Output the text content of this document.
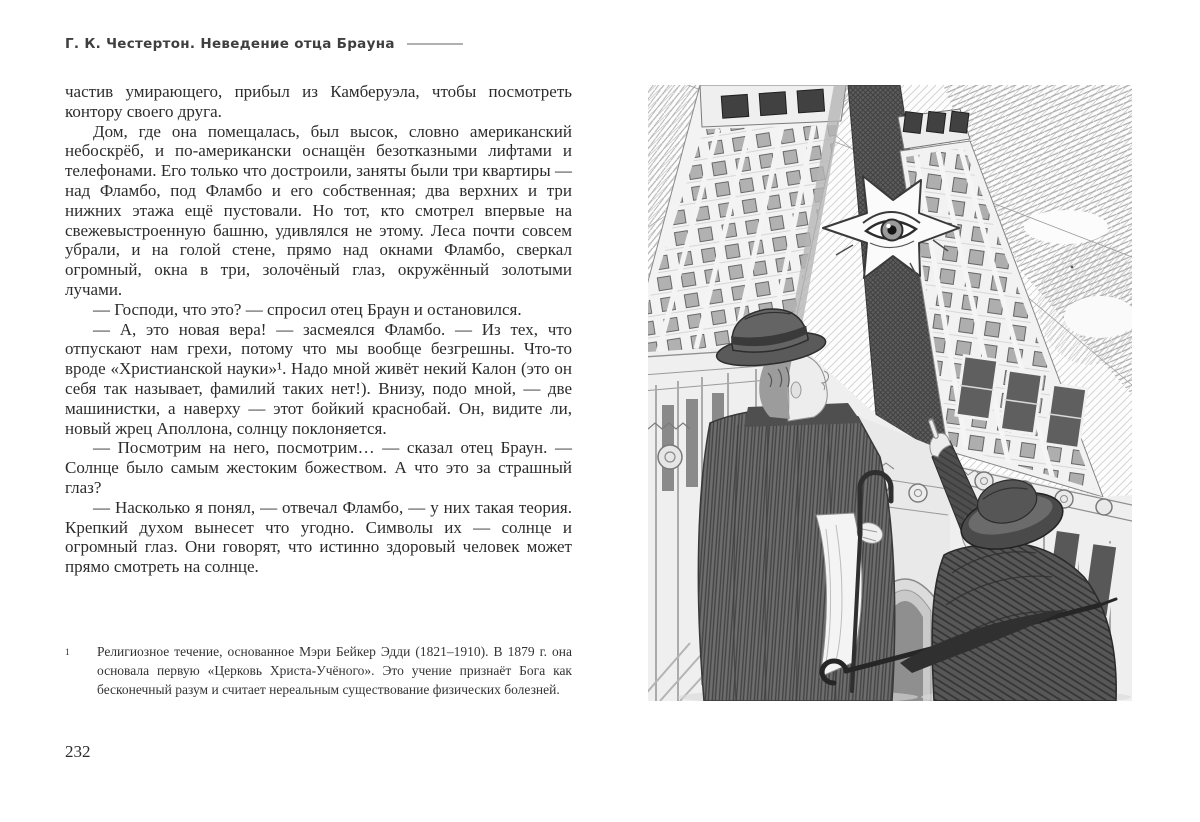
Г. К. Честертон. Неведение отца Брауна

частив умирающего, прибыл из Камберуэла, чтобы посмотреть контору своего друга.

Дом, где она помещалась, был высок, словно американский небоскрёб, и по-американски оснащён безотказными лифтами и телефонами. Его только что достроили, заняты были три квартиры — над Фламбо, под Фламбо и его собственная; два верхних и три нижних этажа ещё пустовали. Но тот, кто смотрел впервые на свежевыстроенную башню, удивлялся не этому. Леса почти совсем убрали, и на голой стене, прямо над окнами Фламбо, сверкал огромный, окна в три, золочёный глаз, окружённый золотыми лучами.

— Господи, что это? — спросил отец Браун и остановился.

— А, это новая вера! — засмеялся Фламбо. — Из тех, что отпускают нам грехи, потому что мы вообще безгрешны. Что-то вроде «Христианской науки»¹. Надо мной живёт некий Калон (это он себя так называет, фамилий таких нет!). Внизу, подо мной, — две машинистки, а наверху — этот бойкий краснобай. Он, видите ли, новый жрец Аполлона, солнцу поклоняется.

— Посмотрим на него, посмотрим… — сказал отец Браун. — Солнце было самым жестоким божеством. А что это за страшный глаз?

— Насколько я понял, — отвечал Фламбо, — у них такая теория. Крепкий духом вынесет что угодно. Символы их — солнце и огромный глаз. Они говорят, что истинно здоровый человек может прямо смотреть на солнце.

1	Религиозное течение, основанное Мэри Бейкер Эдди (1821–1910). В 1879 г. она основала первую «Церковь Христа-Учёного». Это учение признаёт Бога как бесконечный разум и считает нереальным существование физических болезней.
232
